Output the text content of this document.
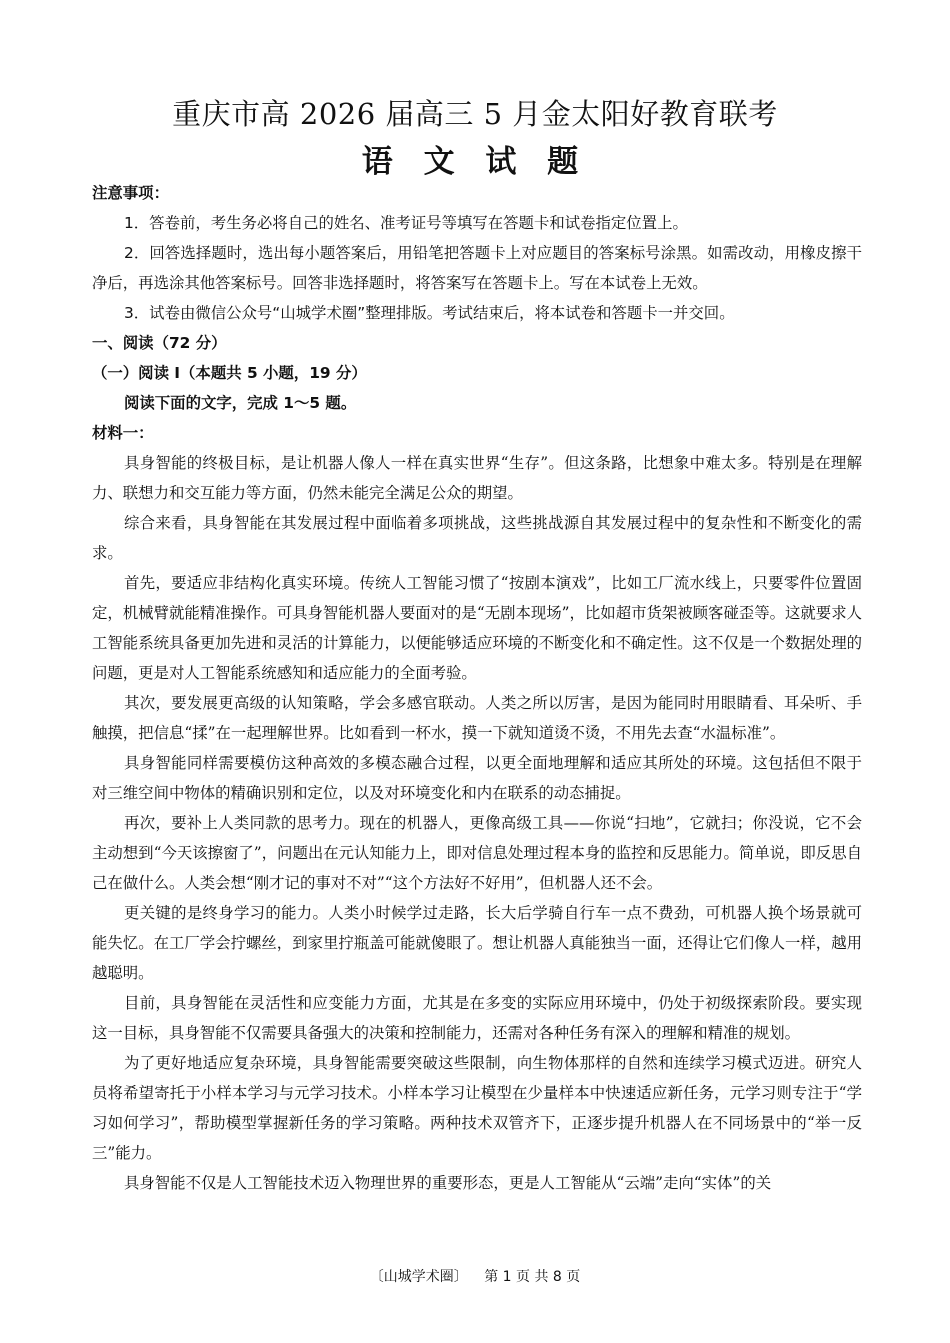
重庆市高 2026 届高三 5 月金太阳好教育联考
语 文 试 题

注意事项：

1．答卷前，考生务必将自己的姓名、准考证号等填写在答题卡和试卷指定位置上。

2．回答选择题时，选出每小题答案后，用铅笔把答题卡上对应题目的答案标号涂黑。如需改动，用橡皮擦干净后，再选涂其他答案标号。回答非选择题时，将答案写在答题卡上。写在本试卷上无效。

3．试卷由微信公众号“山城学术圈”整理排版。考试结束后，将本试卷和答题卡一并交回。

一、阅读（72 分）

（一）阅读 I（本题共 5 小题，19 分）

阅读下面的文字，完成 1～5 题。

材料一：

具身智能的终极目标，是让机器人像人一样在真实世界“生存”。但这条路，比想象中难太多。特别是在理解力、联想力和交互能力等方面，仍然未能完全满足公众的期望。

综合来看，具身智能在其发展过程中面临着多项挑战，这些挑战源自其发展过程中的复杂性和不断变化的需求。

首先，要适应非结构化真实环境。传统人工智能习惯了“按剧本演戏”，比如工厂流水线上，只要零件位置固定，机械臂就能精准操作。可具身智能机器人要面对的是“无剧本现场”，比如超市货架被顾客碰歪等。这就要求人工智能系统具备更加先进和灵活的计算能力，以便能够适应环境的不断变化和不确定性。这不仅是一个数据处理的问题，更是对人工智能系统感知和适应能力的全面考验。

其次，要发展更高级的认知策略，学会多感官联动。人类之所以厉害，是因为能同时用眼睛看、耳朵听、手触摸，把信息“揉”在一起理解世界。比如看到一杯水，摸一下就知道烫不烫，不用先去查“水温标准”。

具身智能同样需要模仿这种高效的多模态融合过程，以更全面地理解和适应其所处的环境。这包括但不限于对三维空间中物体的精确识别和定位，以及对环境变化和内在联系的动态捕捉。

再次，要补上人类同款的思考力。现在的机器人，更像高级工具——你说“扫地”，它就扫；你没说，它不会主动想到“今天该擦窗了”，问题出在元认知能力上，即对信息处理过程本身的监控和反思能力。简单说，即反思自己在做什么。人类会想“刚才记的事对不对”“这个方法好不好用”，但机器人还不会。

更关键的是终身学习的能力。人类小时候学过走路，长大后学骑自行车一点不费劲，可机器人换个场景就可能失忆。在工厂学会拧螺丝，到家里拧瓶盖可能就傻眼了。想让机器人真能独当一面，还得让它们像人一样，越用越聪明。

目前，具身智能在灵活性和应变能力方面，尤其是在多变的实际应用环境中，仍处于初级探索阶段。要实现这一目标，具身智能不仅需要具备强大的决策和控制能力，还需对各种任务有深入的理解和精准的规划。

为了更好地适应复杂环境，具身智能需要突破这些限制，向生物体那样的自然和连续学习模式迈进。研究人员将希望寄托于小样本学习与元学习技术。小样本学习让模型在少量样本中快速适应新任务，元学习则专注于“学习如何学习”，帮助模型掌握新任务的学习策略。两种技术双管齐下，正逐步提升机器人在不同场景中的“举一反三”能力。

具身智能不仅是人工智能技术迈入物理世界的重要形态，更是人工智能从“云端”走向“实体”的关

〔山城学术圈〕 第 1 页 共 8 页
